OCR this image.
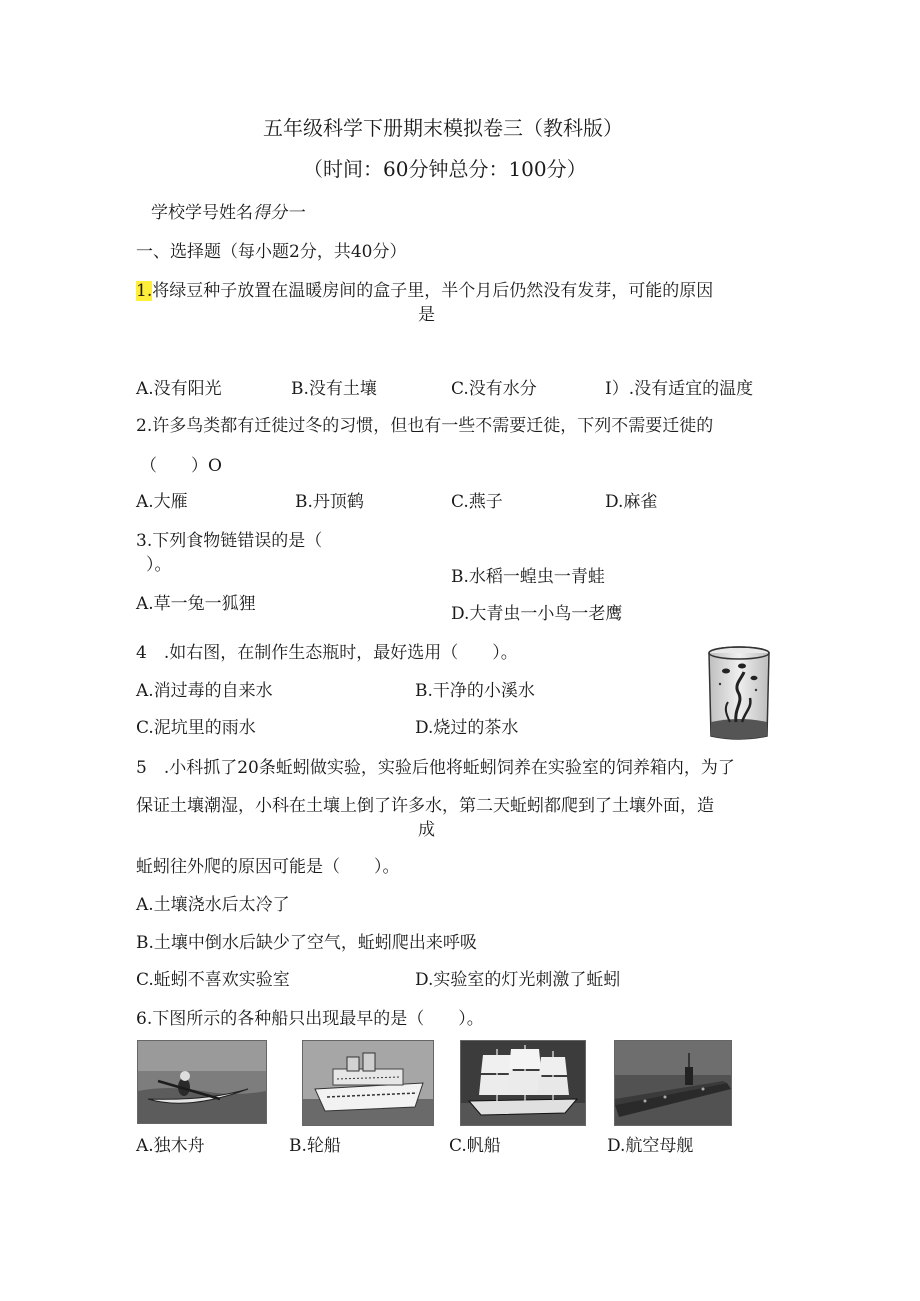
五年级科学下册期末模拟卷三（教科版）
（时间：60分钟总分：100分）
学校学号姓名得分一
一、选择题（每小题2分，共40分）
1.将绿豆种子放置在温暖房间的盒子里，半个月后仍然没有发芽，可能的原因
是
A.没有阳光	B.没有土壤	C.没有水分	I）.没有适宜的温度
2.许多鸟类都有迁徙过冬的习惯，但也有一些不需要迁徙，下列不需要迁徙的
（　　）O
A.大雁	B.丹顶鹤	C.燕子	D.麻雀
3.下列食物链错误的是（
）。
B.水稻一蝗虫一青蛙
A.草一兔一狐狸	D.大青虫一小鸟一老鹰
4　.如右图，在制作生态瓶时，最好选用（　　）。
A.消过毒的自来水	B.干净的小溪水
C.泥坑里的雨水	D.烧过的茶水
5　.小科抓了20条蚯蚓做实验，实验后他将蚯蚓饲养在实验室的饲养箱内，为了
保证土壤潮湿，小科在土壤上倒了许多水，第二天蚯蚓都爬到了土壤外面，造
成
蚯蚓往外爬的原因可能是（　　）。
A.土壤浇水后太冷了
B.土壤中倒水后缺少了空气，蚯蚓爬出来呼吸
C.蚯蚓不喜欢实验室	D.实验室的灯光刺激了蚯蚓
6.下图所示的各种船只出现最早的是（　　）。
A.独木舟	B.轮船	C.帆船	D.航空母舰
